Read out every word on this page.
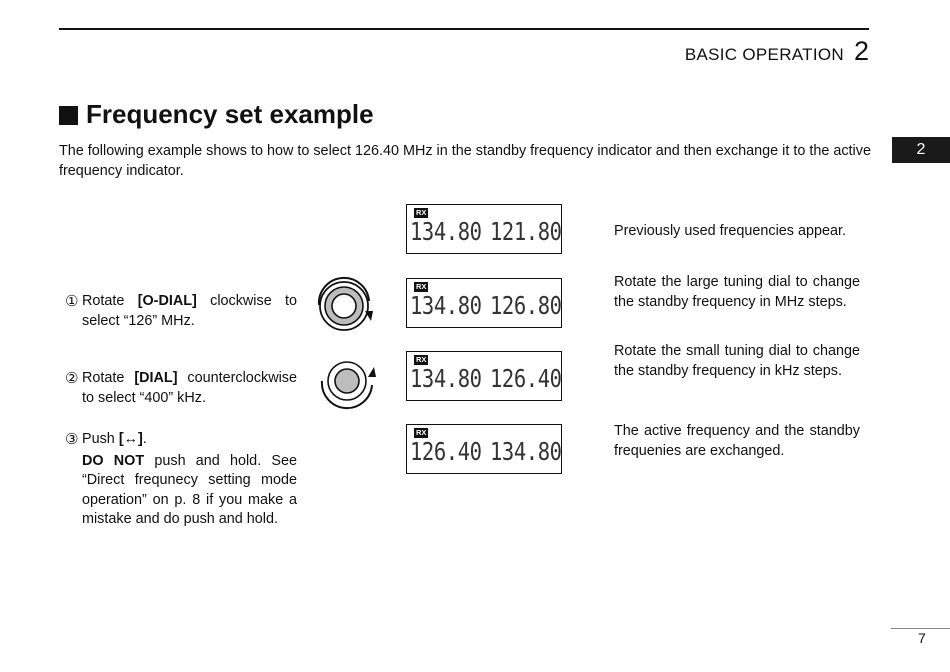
BASIC OPERATION 2
2
Frequency set example
The following example shows to how to select 126.40 MHz in the standby frequency indicator and then exchange it to the active frequency indicator.
RX
134.80 121.80
RX
134.80 126.80
RX
134.80 126.40
RX
126.40 134.80
Previously used frequencies appear.
Rotate the large tuning dial to change the standby frequency in MHz steps.
Rotate the small tuning dial to change the standby frequency in kHz steps.
The active frequency and the standby frequenies are exchanged.
① Rotate [O-DIAL] clockwise to select “126” MHz.
② Rotate [DIAL] counterclockwise to select “400” kHz.
③ Push [↔].
DO NOT push and hold. See “Direct frequnecy setting mode operation” on p. 8 if you make a mistake and do push and hold.
7
